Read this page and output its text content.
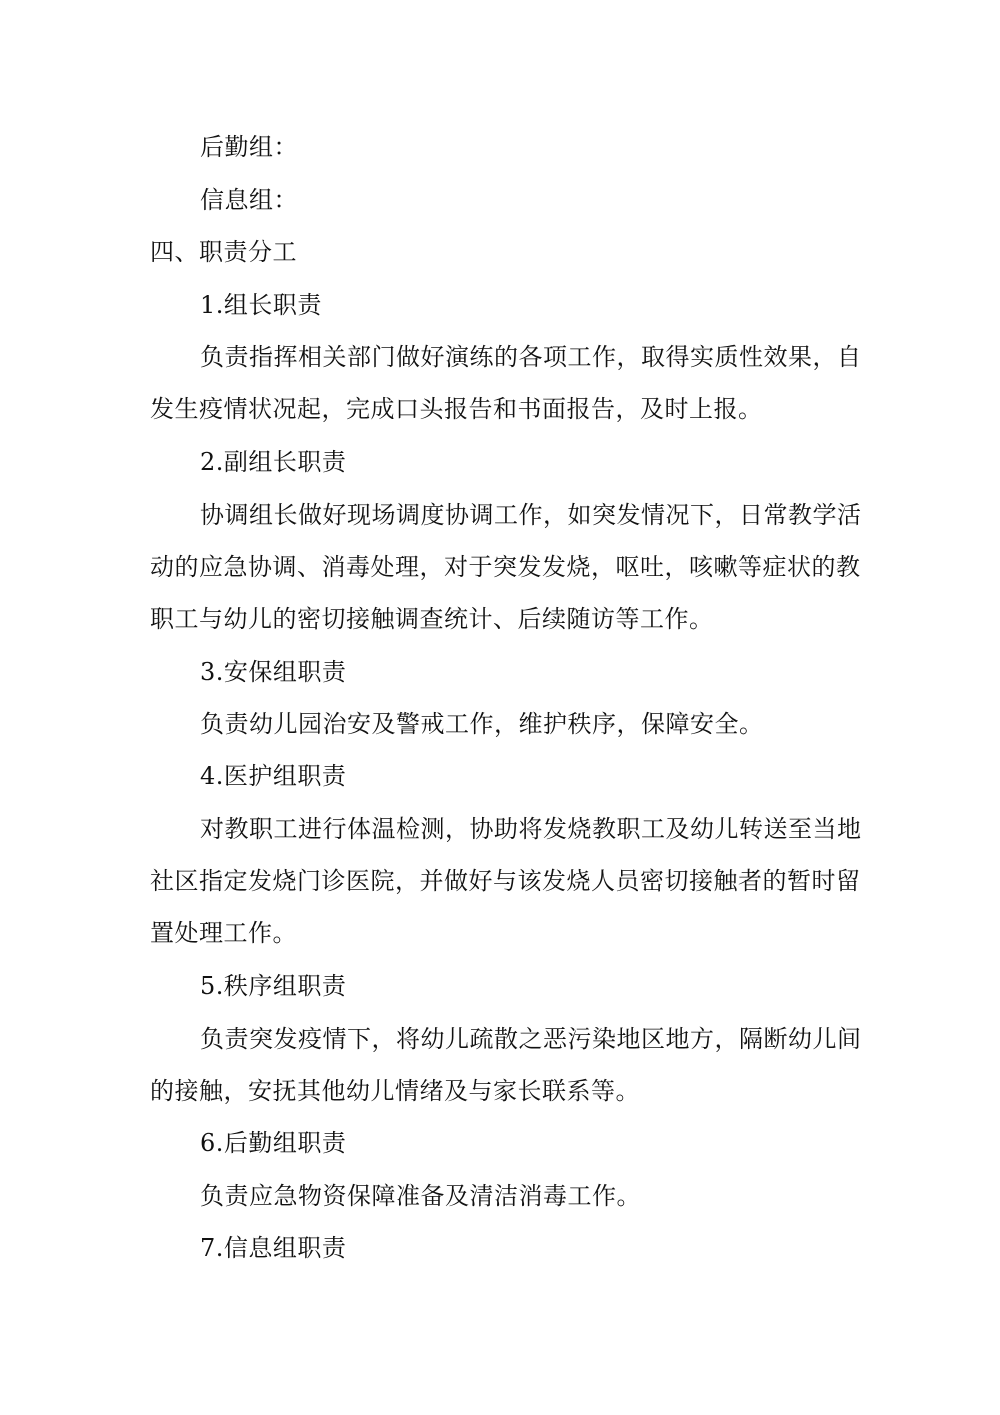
后勤组：
信息组：
四、职责分工
1.组长职责
负责指挥相关部门做好演练的各项工作，取得实质性效果，自
发生疫情状况起，完成口头报告和书面报告，及时上报。
2.副组长职责
协调组长做好现场调度协调工作，如突发情况下，日常教学活
动的应急协调、消毒处理，对于突发发烧，呕吐，咳嗽等症状的教
职工与幼儿的密切接触调查统计、后续随访等工作。
3.安保组职责
负责幼儿园治安及警戒工作，维护秩序，保障安全。
4.医护组职责
对教职工进行体温检测，协助将发烧教职工及幼儿转送至当地
社区指定发烧门诊医院，并做好与该发烧人员密切接触者的暂时留
置处理工作。
5.秩序组职责
负责突发疫情下，将幼儿疏散之恶污染地区地方，隔断幼儿间
的接触，安抚其他幼儿情绪及与家长联系等。
6.后勤组职责
负责应急物资保障准备及清洁消毒工作。
7.信息组职责
